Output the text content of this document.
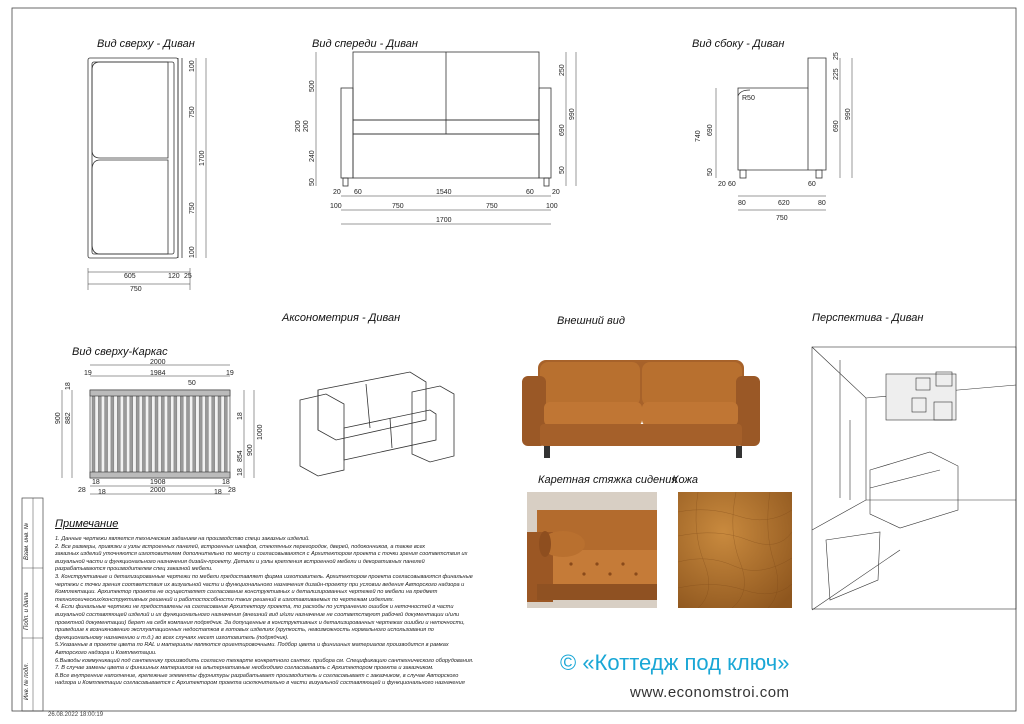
100
750
1700
750
100
605	120 25
750
500
200 200
240
50
250
690
990
50
20 60	1540	60	20
100	750	750	100
1700
25
225
740
690	690
990
50
R50
20 60	60
80	620	80
750
2000
1984
50
18
19	19
900 882	18
854
900
1000
18
18	1908	18
28	2000	28
18	18
Вид сверху - Диван	Вид спереди - Диван	Вид сбоку - Диван
Вид сверху-Каркас
Аксонометрия - Диван	Внешний вид	Перспектива - Диван
Каретная стяжка сидения
Кожа
Инв. № подл.
Подп. и дата
Взам. инв. № Примечание

1. Данные чертежи является техническим заданием на производство специ заказных изделий.

2. Все размеры, привязки и узлы встроенных панелей, встроенных шкафов, стеклянных перегородок, дверей, подоконников, а также всех

заказных изделий уточняются изготовителем дополнительно по месту и согласовываются с Архитектором проекта с точки зрения соответствия их

визуальной части и функционального назначения дизайн-проекту. Детали и узлы крепления встроенной мебели и декоративных панелей

разрабатываются производителем спец заказной мебели.

3. Конструктивные и детализированные чертежи по мебели предоставляет фирма изготовитель. Архитектором проекта согласовываются финальные

чертежи с точки зрения соответствия их визуальной части и функционального назначения дизайн-проекту при условии ведения Авторского надзора и

Комплектации. Архитектор проекта не осуществляет согласование конструктивных и детализированных чертежей по мебели на предмет

технологических/конструктивных решений и работоспособности таких решений в изготавливаемых по чертежам изделиях.

4. Если финальные чертежи не предоставлены на согласование Архитектору проекта, то расходы по устранению ошибок и неточностей в части

визуальной составляющей изделий и их функционального назначения (внешний вид и/или назначение не соответствуют рабочей документации и/или

проектной документации) берет на себя компания подрядчик. За допущенные в конструктивных и детализированных чертежах ошибки и неточности,

приведшие к возникновению эксплуатационных недостатков в готовых изделиях (хрупкость, невозможность нормального использования по

функциональному назначению и т.д.) во всех случаях несет изготовитель (подрядчик).

5.Указанные в проекте цвета по RAL и материалы являются ориентировочными. Подбор цвета и финишных материалов производится в рамках

Авторского надзора и Комплектации.

6.Выводы коммуникаций под сантехнику производить согласно техкарте конкретного сантех. прибора см. Спецификацию сантехнического оборудования.

7. В случае замены цвета и финишных материалов на альтернативные необходимо согласовывать с Архитектором проекта и заказчиком.

8.Все внутренние наполнение, крепежные элементы фурнитуры разрабатывает производитель и согласовывает с заказчиком, в случае Авторского

надзора и Комплектации согласовывается с Архитектором проекта исключительно в части визуальной составляющей и функционального назначения

© «Коттедж под ключ»
www.economstroi.com
26.08.2022 18:00:19
